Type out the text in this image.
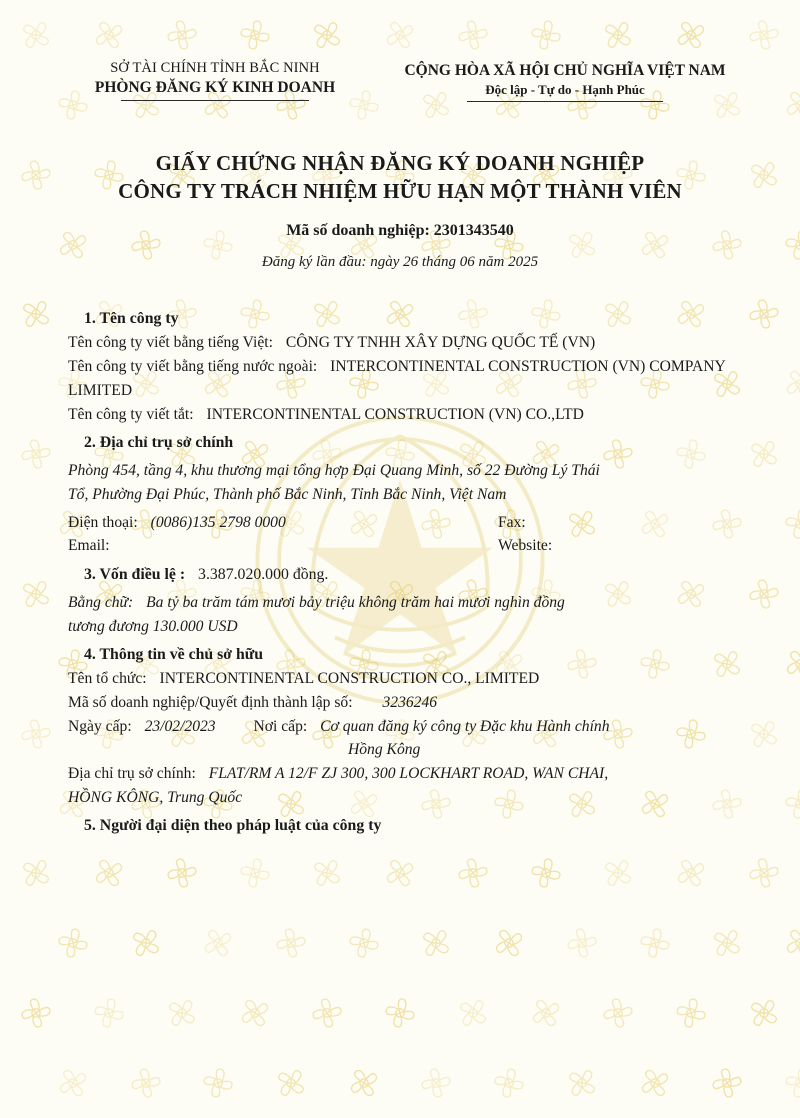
SỞ TÀI CHÍNH TỈNH BẮC NINH
PHÒNG ĐĂNG KÝ KINH DOANH
CỘNG HÒA XÃ HỘI CHỦ NGHĨA VIỆT NAM
Độc lập - Tự do - Hạnh Phúc
GIẤY CHỨNG NHẬN ĐĂNG KÝ DOANH NGHIỆP
CÔNG TY TRÁCH NHIỆM HỮU HẠN MỘT THÀNH VIÊN
Mã số doanh nghiệp: 2301343540
Đăng ký lần đầu: ngày 26 tháng 06 năm 2025
1. Tên công ty
Tên công ty viết bằng tiếng Việt: CÔNG TY TNHH XÂY DỰNG QUỐC TẾ (VN)
Tên công ty viết bằng tiếng nước ngoài: INTERCONTINENTAL CONSTRUCTION (VN) COMPANY LIMITED
Tên công ty viết tắt: INTERCONTINENTAL CONSTRUCTION (VN) CO.,LTD
2. Địa chỉ trụ sở chính
Phòng 454, tầng 4, khu thương mại tổng hợp Đại Quang Minh, số 22 Đường Lý Thái
Tổ, Phường Đại Phúc, Thành phố Bắc Ninh, Tỉnh Bắc Ninh, Việt Nam
Điện thoại: (0086)135 2798 0000	Fax:
Email:	Website:
3. Vốn điều lệ : 3.387.020.000 đồng.
Bằng chữ: Ba tỷ ba trăm tám mươi bảy triệu không trăm hai mươi nghìn đồng
tương đương 130.000 USD
4. Thông tin về chủ sở hữu
Tên tổ chức: INTERCONTINENTAL CONSTRUCTION CO., LIMITED
Mã số doanh nghiệp/Quyết định thành lập số: 3236246
Ngày cấp: 23/02/2023 Nơi cấp: Cơ quan đăng ký công ty Đặc khu Hành chính
Hồng Kông
Địa chỉ trụ sở chính: FLAT/RM A 12/F ZJ 300, 300 LOCKHART ROAD, WAN CHAI,
HỒNG KÔNG, Trung Quốc
5. Người đại diện theo pháp luật của công ty
